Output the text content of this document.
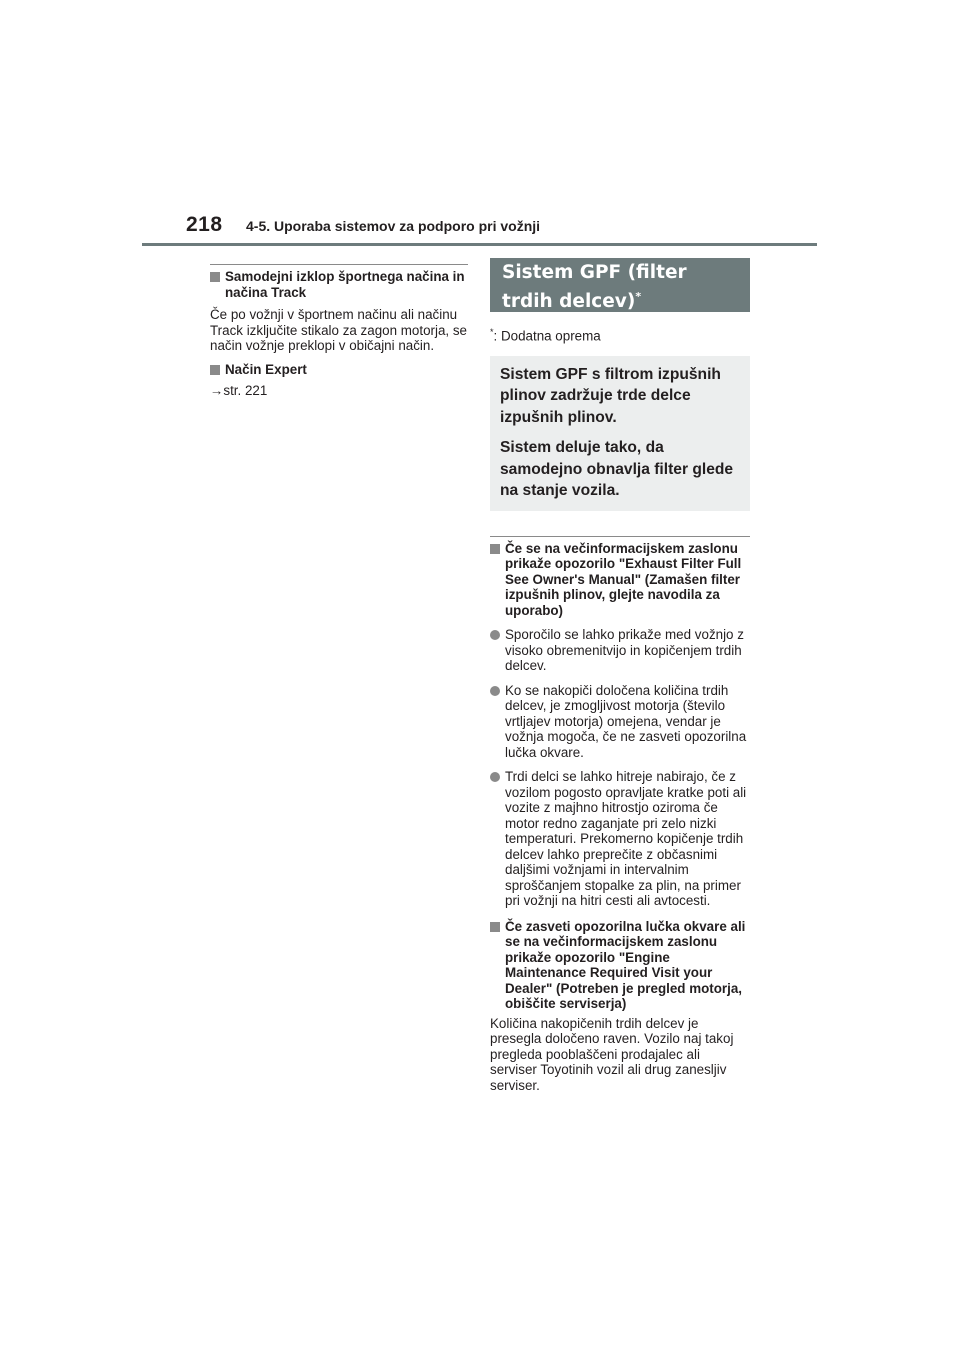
218 4-5. Uporaba sistemov za podporo pri vožnji
Samodejni izklop športnega načina in načina Track

Če po vožnji v športnem načinu ali načinu Track izključite stikalo za zagon motorja, se način vožnje preklopi v običajni način.

Način Expert
→str. 221
Sistem GPF (filter trdih delcev)*
*: Dodatna oprema

Sistem GPF s filtrom izpušnih plinov zadržuje trde delce izpušnih plinov.

Sistem deluje tako, da samodejno obnavlja filter glede na stanje vozila.

Če se na večinformacijskem zaslonu prikaže opozorilo "Exhaust Filter Full See Owner's Manual" (Zamašen filter izpušnih plinov, glejte navodila za uporabo)
Sporočilo se lahko prikaže med vožnjo z visoko obremenitvijo in kopičenjem trdih delcev.
Ko se nakopiči določena količina trdih delcev, je zmogljivost motorja (število vrtljajev motorja) omejena, vendar je vožnja mogoča, če ne zasveti opozorilna lučka okvare.
Trdi delci se lahko hitreje nabirajo, če z vozilom pogosto opravljate kratke poti ali vozite z majhno hitrostjo oziroma če motor redno zaganjate pri zelo nizki temperaturi. Prekomerno kopičenje trdih delcev lahko preprečite z občasnimi daljšimi vožnjami in intervalnim sproščanjem stopalke za plin, na primer pri vožnji na hitri cesti ali avtocesti.
Če zasveti opozorilna lučka okvare ali se na večinformacijskem zaslonu prikaže opozorilo "Engine Maintenance Required Visit your Dealer" (Potreben je pregled motorja, obiščite serviserja)

Količina nakopičenih trdih delcev je presegla določeno raven. Vozilo naj takoj pregleda pooblaščeni prodajalec ali serviser Toyotinih vozil ali drug zanesljiv serviser.
